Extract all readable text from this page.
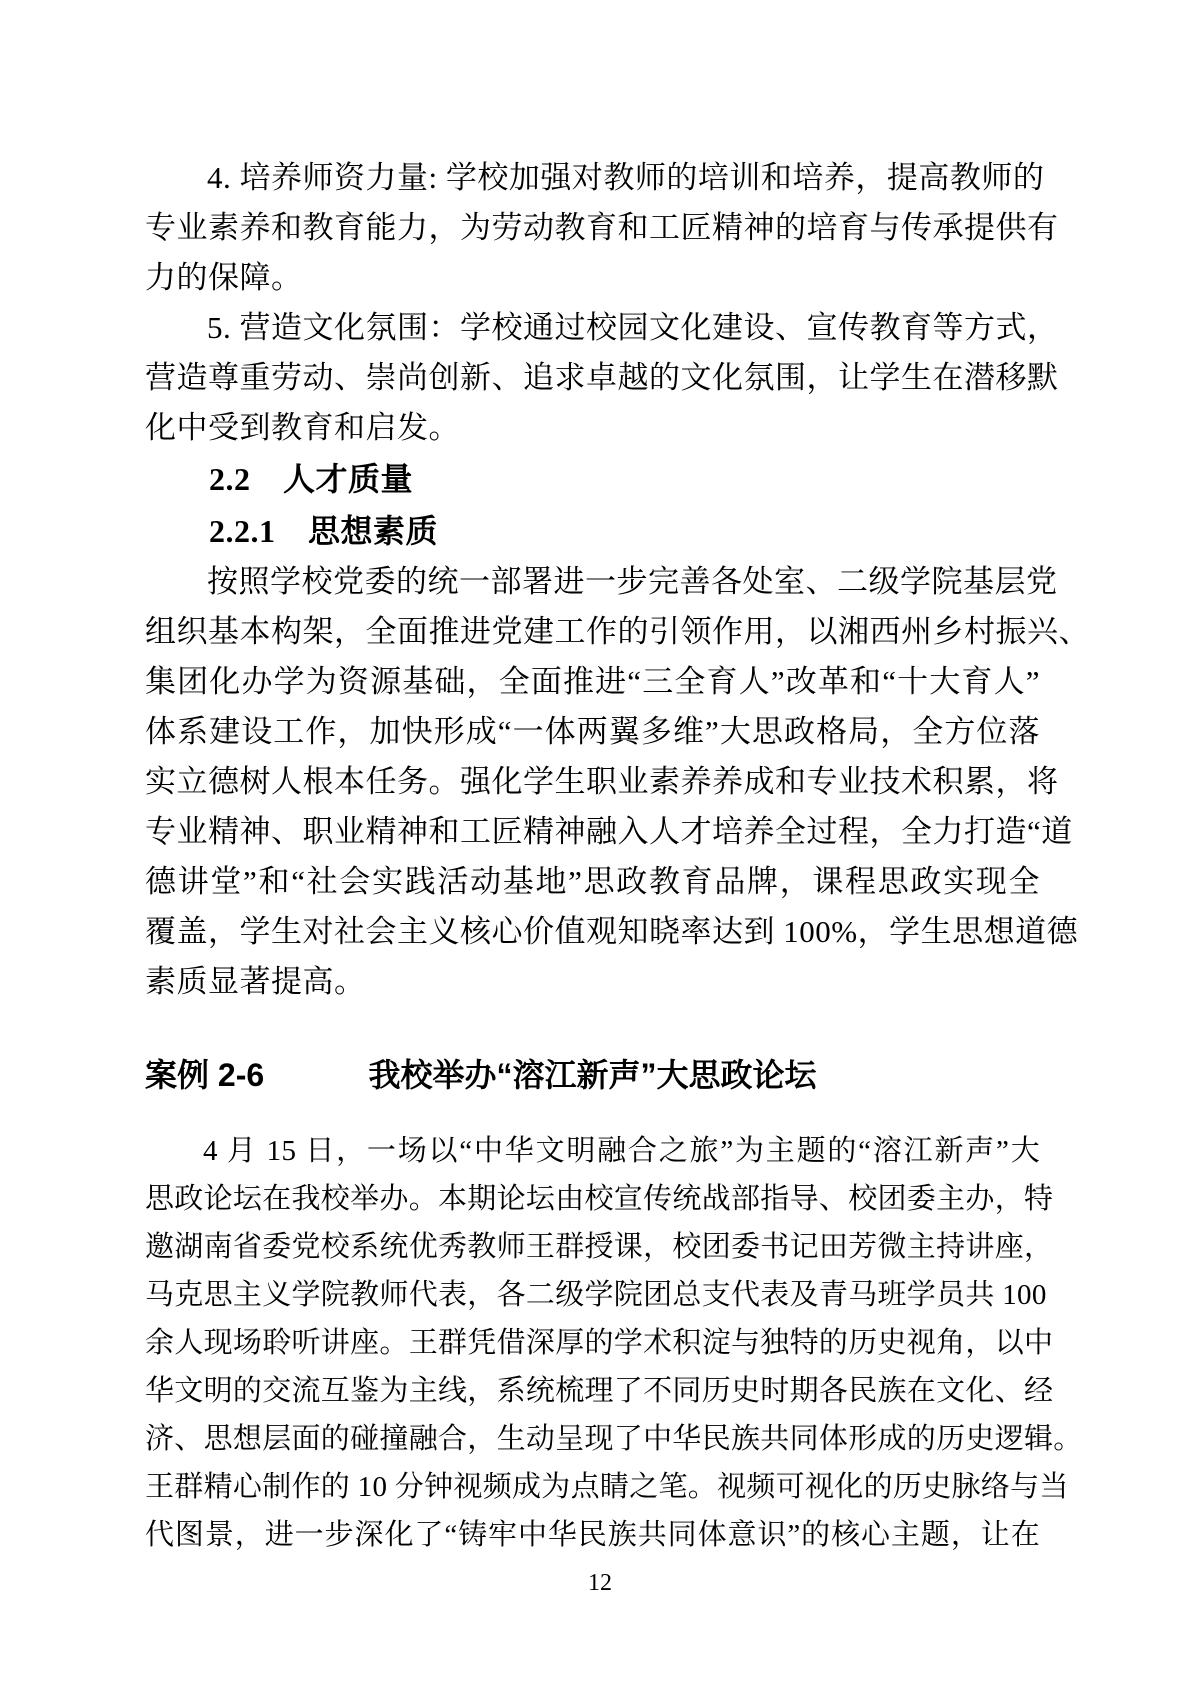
4. 培养师资力量: 学校加强对教师的培训和培养，提高教师的
专业素养和教育能力，为劳动教育和工匠精神的培育与传承提供有
力的保障。
5. 营造文化氛围：学校通过校园文化建设、宣传教育等方式，
营造尊重劳动、崇尚创新、追求卓越的文化氛围，让学生在潜移默
化中受到教育和启发。
2.2　人才质量
2.2.1　思想素质
按照学校党委的统一部署进一步完善各处室、二级学院基层党
组织基本构架，全面推进党建工作的引领作用，以湘西州乡村振兴、
集团化办学为资源基础，全面推进“三全育人”改革和“十大育人”
体系建设工作，加快形成“一体两翼多维”大思政格局，全方位落
实立德树人根本任务。强化学生职业素养养成和专业技术积累，将
专业精神、职业精神和工匠精神融入人才培养全过程，全力打造“道
德讲堂”和“社会实践活动基地”思政教育品牌，课程思政实现全
覆盖，学生对社会主义核心价值观知晓率达到 100%，学生思想道德
素质显著提高。
案例 2-6	我校举办“溶江新声”大思政论坛
4 月 15 日，一场以“中华文明融合之旅”为主题的“溶江新声”大
思政论坛在我校举办。本期论坛由校宣传统战部指导、校团委主办，特
邀湖南省委党校系统优秀教师王群授课，校团委书记田芳微主持讲座，
马克思主义学院教师代表，各二级学院团总支代表及青马班学员共 100
余人现场聆听讲座。王群凭借深厚的学术积淀与独特的历史视角，以中
华文明的交流互鉴为主线，系统梳理了不同历史时期各民族在文化、经
济、思想层面的碰撞融合，生动呈现了中华民族共同体形成的历史逻辑。
王群精心制作的 10 分钟视频成为点睛之笔。视频可视化的历史脉络与当
代图景，进一步深化了“铸牢中华民族共同体意识”的核心主题，让在
12
